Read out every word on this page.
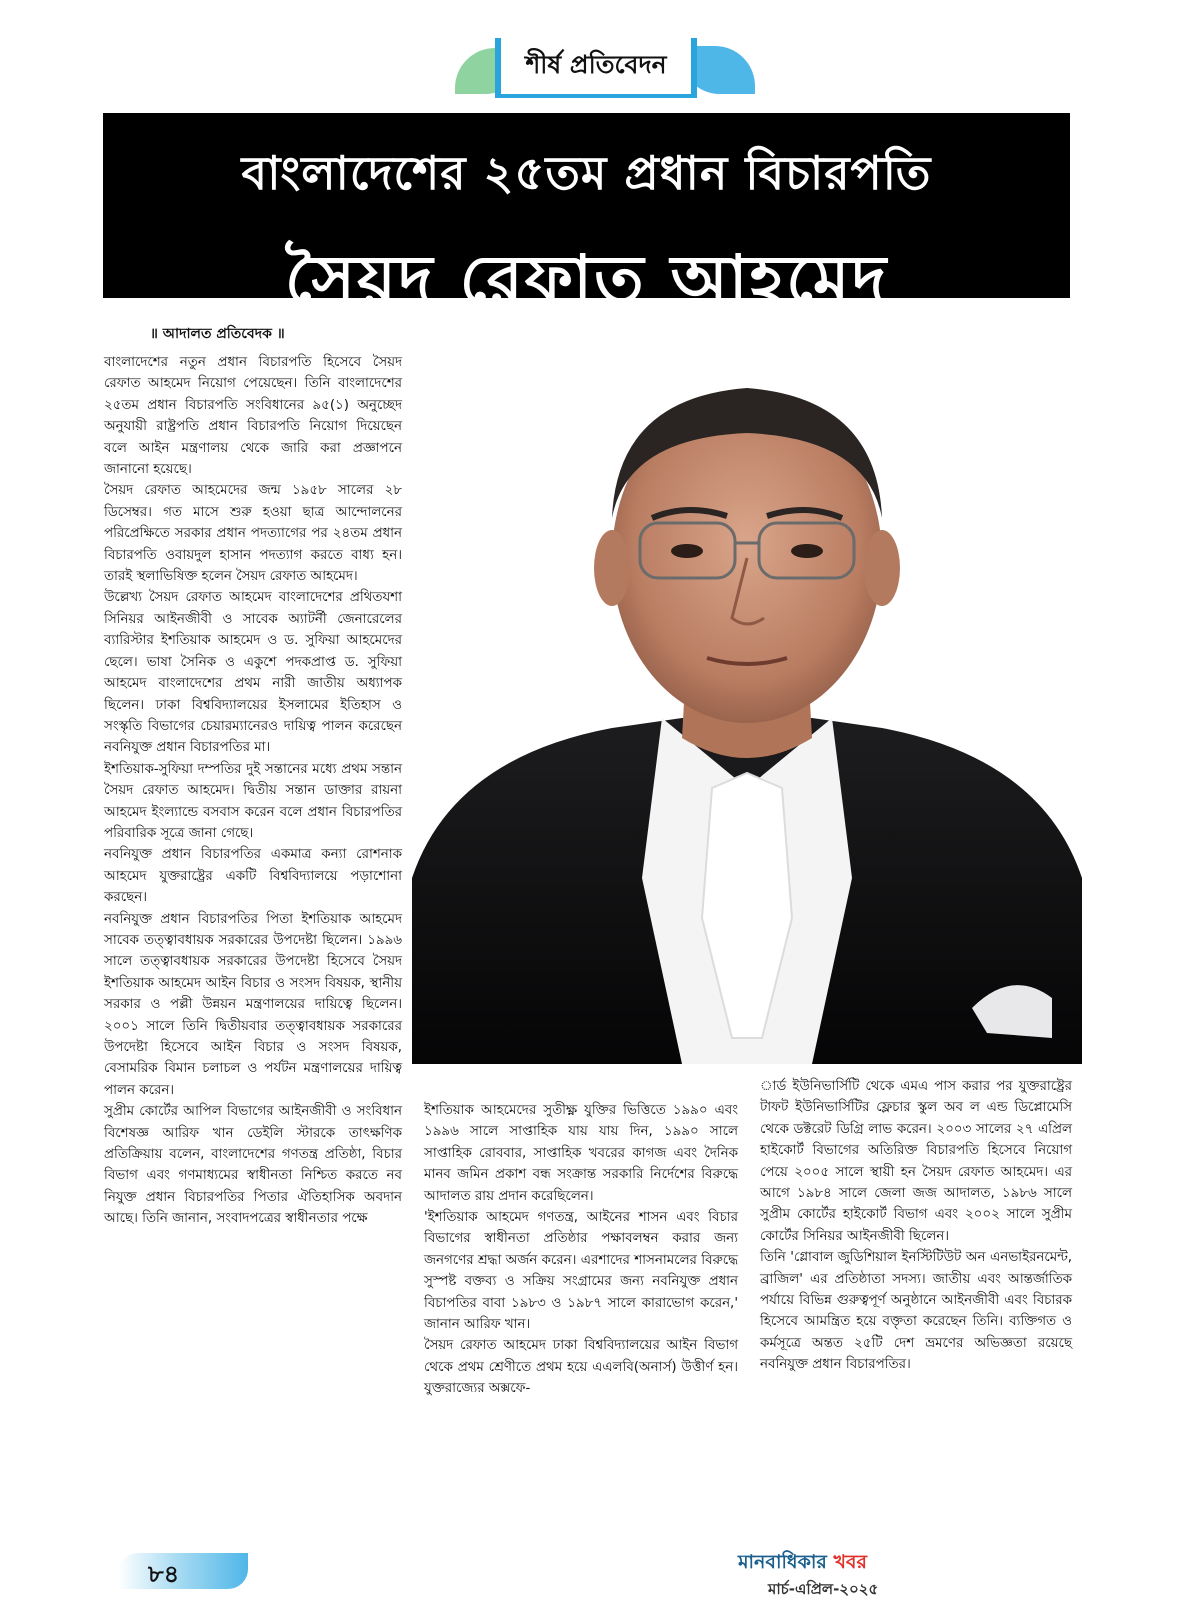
শীর্ষ প্রতিবেদন
বাংলাদেশের ২৫তম প্রধান বিচারপতি
সৈয়দ রেফাত আহমেদ
॥ আদালত প্রতিবেদক ॥

বাংলাদেশের নতুন প্রধান বিচারপতি হিসেবে সৈয়দ রেফাত আহমেদ নিয়োগ পেয়েছেন। তিনি বাংলাদেশের ২৫তম প্রধান বিচারপতি সংবিধানের ৯৫(১) অনুচ্ছেদ অনুযায়ী রাষ্ট্রপতি প্রধান বিচারপতি নিয়োগ দিয়েছেন বলে আইন মন্ত্রণালয় থেকে জারি করা প্রজ্ঞাপনে জানানো হয়েছে।

সৈয়দ রেফাত আহমেদের জন্ম ১৯৫৮ সালের ২৮ ডিসেম্বর। গত মাসে শুরু হওয়া ছাত্র আন্দোলনের পরিপ্রেক্ষিতে সরকার প্রধান পদত্যাগের পর ২৪তম প্রধান বিচারপতি ওবায়দুল হাসান পদত্যাগ করতে বাধ্য হন। তারই স্থলাভিষিক্ত হলেন সৈয়দ রেফাত আহমেদ।

উল্লেখ্য সৈয়দ রেফাত আহমেদ বাংলাদেশের প্রথিতযশা সিনিয়র আইনজীবী ও সাবেক অ্যাটর্নী জেনারেলের ব্যারিস্টার ইশতিয়াক আহমেদ ও ড. সুফিয়া আহমেদের ছেলে। ভাষা সৈনিক ও একুশে পদকপ্রাপ্ত ড. সুফিয়া আহমেদ বাংলাদেশের প্রথম নারী জাতীয় অধ্যাপক ছিলেন। ঢাকা বিশ্ববিদ্যালয়ের ইসলামের ইতিহাস ও সংস্কৃতি বিভাগের চেয়ারম্যানেরও দায়িত্ব পালন করেছেন নবনিযুক্ত প্রধান বিচারপতির মা।

ইশতিয়াক-সুফিয়া দম্পতির দুই সন্তানের মধ্যে প্রথম সন্তান সৈয়দ রেফাত আহমেদ। দ্বিতীয় সন্তান ডাক্তার রায়না আহমেদ ইংল্যান্ডে বসবাস করেন বলে প্রধান বিচারপতির পরিবারিক সূত্রে জানা গেছে।

নবনিযুক্ত প্রধান বিচারপতির একমাত্র কন্যা রোশনাক আহমেদ যুক্তরাষ্ট্রের একটি বিশ্ববিদ্যালয়ে পড়াশোনা করছেন।

নবনিযুক্ত প্রধান বিচারপতির পিতা ইশতিয়াক আহমেদ সাবেক তত্ত্বাবধায়ক সরকারের উপদেষ্টা ছিলেন। ১৯৯৬ সালে তত্ত্বাবধায়ক সরকারের উপদেষ্টা হিসেবে সৈয়দ ইশতিয়াক আহমেদ আইন বিচার ও সংসদ বিষয়ক, স্থানীয় সরকার ও পল্লী উন্নয়ন মন্ত্রণালয়ের দায়িত্বে ছিলেন। ২০০১ সালে তিনি দ্বিতীয়বার তত্ত্বাবধায়ক সরকারের উপদেষ্টা হিসেবে আইন বিচার ও সংসদ বিষয়ক, বেসামরিক বিমান চলাচল ও পর্যটন মন্ত্রণালয়ের দায়িত্ব পালন করেন।

সুপ্রীম কোর্টের আপিল বিভাগের আইনজীবী ও সংবিধান বিশেষজ্ঞ আরিফ খান ডেইলি স্টারকে তাৎক্ষণিক প্রতিক্রিয়ায় বলেন, বাংলাদেশের গণতন্ত্র প্রতিষ্ঠা, বিচার বিভাগ এবং গণমাধ্যমের স্বাধীনতা নিশ্চিত করতে নব নিযুক্ত প্রধান বিচারপতির পিতার ঐতিহাসিক অবদান আছে। তিনি জানান, সংবাদপত্রের স্বাধীনতার পক্ষে

ইশতিয়াক আহমেদের সুতীক্ষ্ণ যুক্তির ভিত্তিতে ১৯৯০ এবং ১৯৯৬ সালে সাপ্তাহিক যায় যায় দিন, ১৯৯০ সালে সাপ্তাহিক রোববার, সাপ্তাহিক খবরের কাগজ এবং দৈনিক মানব জমিন প্রকাশ বন্ধ সংক্রান্ত সরকারি নির্দেশের বিরুদ্ধে আদালত রায় প্রদান করেছিলেন।

'ইশতিয়াক আহমেদ গণতন্ত্র, আইনের শাসন এবং বিচার বিভাগের স্বাধীনতা প্রতিষ্ঠার পক্ষাবলম্বন করার জন্য জনগণের শ্রদ্ধা অর্জন করেন। এরশাদের শাসনামলের বিরুদ্ধে সুস্পষ্ট বক্তব্য ও সক্রিয় সংগ্রামের জন্য নবনিযুক্ত প্রধান বিচাপতির বাবা ১৯৮৩ ও ১৯৮৭ সালে কারাভোগ করেন,' জানান আরিফ খান।

সৈয়দ রেফাত আহমেদ ঢাকা বিশ্ববিদ্যালয়ের আইন বিভাগ থেকে প্রথম শ্রেণীতে প্রথম হয়ে এএলবি(অনার্স) উত্তীর্ণ হন। যুক্তরাজ্যের অক্সফে-

ার্ড ইউনিভার্সিটি থেকে এমএ পাস করার পর যুক্তরাষ্ট্রের টাফট ইউনিভার্সিটির ফ্লেচার স্কুল অব ল এন্ড ডিপ্লোমেসি থেকে ডক্টরেট ডিগ্রি লাভ করেন। ২০০৩ সালের ২৭ এপ্রিল হাইকোর্ট বিভাগের অতিরিক্ত বিচারপতি হিসেবে নিয়োগ পেয়ে ২০০৫ সালে স্থায়ী হন সৈয়দ রেফাত আহমেদ। এর আগে ১৯৮৪ সালে জেলা জজ আদালত, ১৯৮৬ সালে সুপ্রীম কোর্টের হাইকোর্ট বিভাগ এবং ২০০২ সালে সুপ্রীম কোর্টের সিনিয়র আইনজীবী ছিলেন।

তিনি 'গ্লোবাল জুডিশিয়াল ইনস্টিটিউট অন এনভাইরনমেন্ট, ব্রাজিল' এর প্রতিষ্ঠাতা সদস্য। জাতীয় এবং আন্তর্জাতিক পর্যায়ে বিভিন্ন গুরুত্বপূর্ণ অনুষ্ঠানে আইনজীবী এবং বিচারক হিসেবে আমন্ত্রিত হয়ে বক্তৃতা করেছেন তিনি। ব্যক্তিগত ও কর্মসূত্রে অন্তত ২৫টি দেশ ভ্রমণের অভিজ্ঞতা রয়েছে নবনিযুক্ত প্রধান বিচারপতির।

৮৪	মানবাধিকার খবর
মার্চ-এপ্রিল-২০২৫
